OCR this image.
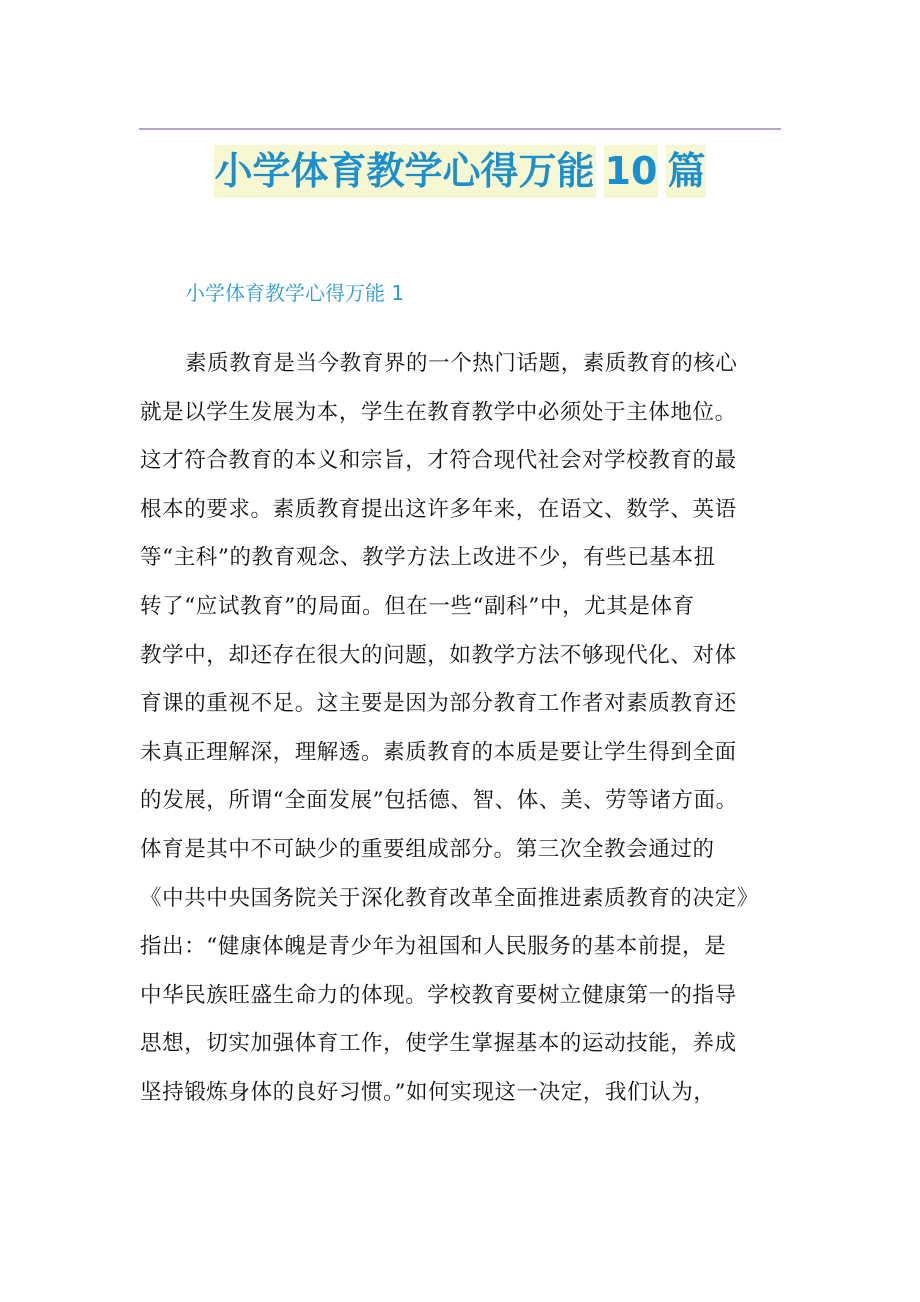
小学体育教学心得万能 10 篇
小学体育教学心得万能 1
素质教育是当今教育界的一个热门话题，素质教育的核心
就是以学生发展为本，学生在教育教学中必须处于主体地位。
这才符合教育的本义和宗旨，才符合现代社会对学校教育的最
根本的要求。素质教育提出这许多年来，在语文、数学、英语
等“主科”的教育观念、教学方法上改进不少，有些已基本扭
转了“应试教育”的局面。但在一些“副科”中，尤其是体育
教学中，却还存在很大的问题，如教学方法不够现代化、对体
育课的重视不足。这主要是因为部分教育工作者对素质教育还
未真正理解深，理解透。素质教育的本质是要让学生得到全面
的发展，所谓“全面发展”包括德、智、体、美、劳等诸方面。
体育是其中不可缺少的重要组成部分。第三次全教会通过的
《中共中央国务院关于深化教育改革全面推进素质教育的决定》
指出：“健康体魄是青少年为祖国和人民服务的基本前提，是
中华民族旺盛生命力的体现。学校教育要树立健康第一的指导
思想，切实加强体育工作，使学生掌握基本的运动技能，养成
坚持锻炼身体的良好习惯。”如何实现这一决定，我们认为，
